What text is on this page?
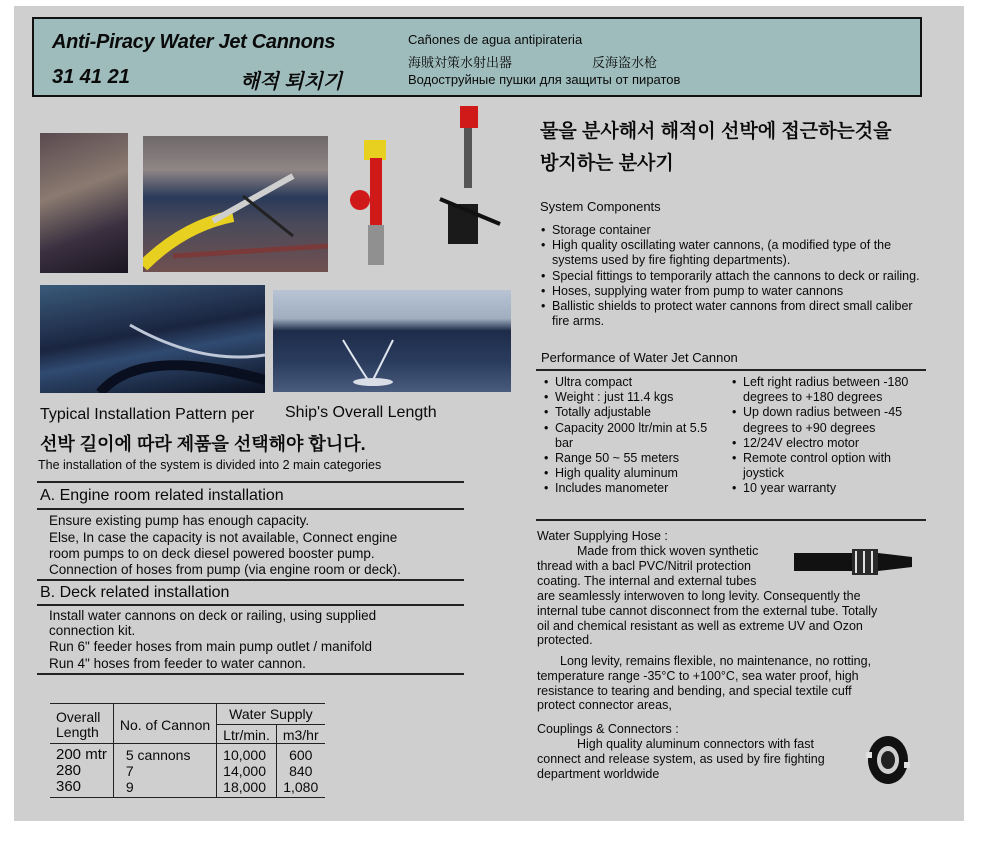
Anti-Piracy Water Jet Cannons
31 41 21	해적 퇴치기
Cañones de agua antipirateria
海賊対策水射出器	反海盗水枪
Водоструйные пушки для защиты от пиратов
Typical Installation Pattern per Ship's Overall Length
선박 길이에 따라 제품을 선택해야 합니다.
The installation of the system is divided into 2 main categories
A. Engine room related installation
Ensure existing pump has enough capacity.
Else, In case the capacity is not available, Connect engine
room pumps to on deck diesel powered booster pump.
Connection of hoses from pump (via engine room or deck).
B. Deck related installation
Install water cannons on deck or railing, using supplied
connection kit.
Run 6" feeder hoses from main pump outlet / manifold
Run 4" hoses from feeder to water cannon.
Overall
Length	No. of Cannon	Water Supply	
		Ltr/min.	m3/hr
200 mtr	5 cannons	10,000	600
280	7	14,000	840
360	9	18,000	1,080
물을 분사해서 해적이 선박에 접근하는것을
방지하는 분사기
System Components
• Storage container
• High quality oscillating water cannons, (a modified type of the systems used by fire fighting departments).
• Special fittings to temporarily attach the cannons to deck or railing.
• Hoses, supplying water from pump to water cannons
• Ballistic shields to protect water cannons from direct small caliber fire arms.
Performance of Water Jet Cannon
• Ultra compact
• Weight : just 11.4 kgs
• Totally adjustable
• Capacity 2000 ltr/min at 5.5 bar
• Range 50 ~ 55 meters
• High quality aluminum
• Includes manometer
• Left right radius between -180 degrees to +180 degrees
• Up down radius between -45 degrees to +90 degrees
• 12/24V electro motor
• Remote control option with joystick
• 10 year warranty
Water Supplying Hose :
Made from thick woven synthetic
thread with a bacl PVC/Nitril protection
coating. The internal and external tubes
are seamlessly interwoven to long levity. Consequently the
internal tube cannot disconnect from the external tube. Totally
oil and chemical resistant as well as extreme UV and Ozon
protected.
Long levity, remains flexible, no maintenance, no rotting,
temperature range -35°C to +100°C, sea water proof, high
resistance to tearing and bending, and special textile cuff
protect connector areas,
Couplings & Connectors :
High quality aluminum connectors with fast
connect and release system, as used by fire fighting
department worldwide
